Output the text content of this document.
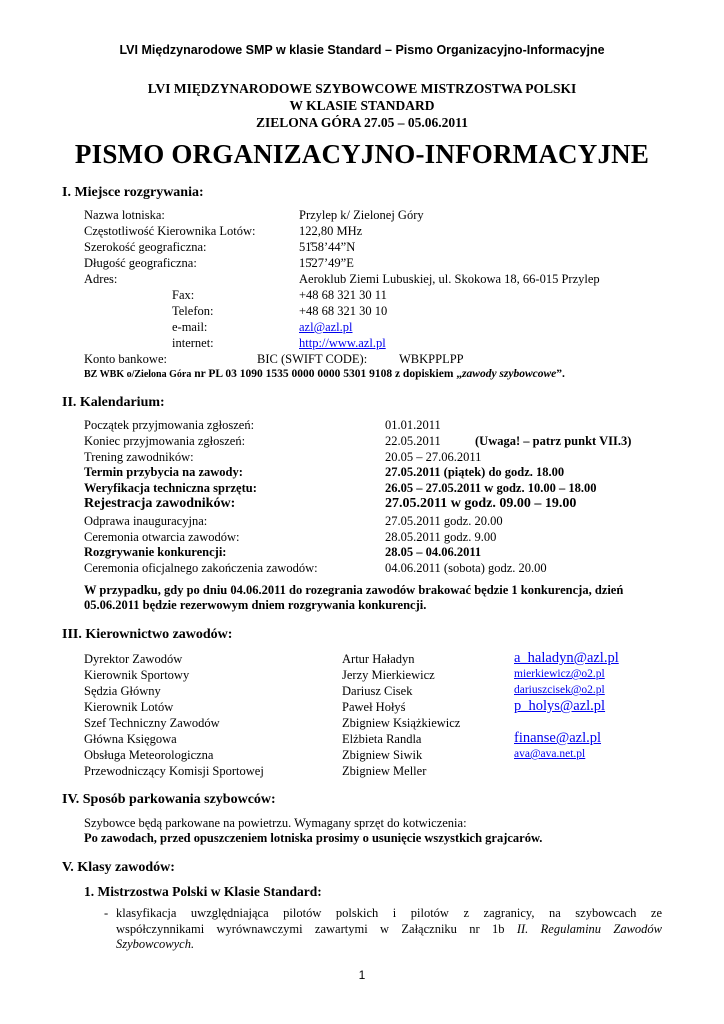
LVI Międzynarodowe SMP w klasie Standard – Pismo Organizacyjno-Informacyjne
LVI MIĘDZYNARODOWE SZYBOWCOWE MISTRZOSTWA POLSKI
W KLASIE STANDARD
ZIELONA GÓRA 27.05 – 05.06.2011
PISMO ORGANIZACYJNO-INFORMACYJNE
I. Miejsce rozgrywania:
Nazwa lotniska:	Przylep k/ Zielonej Góry
Częstotliwość Kierownika Lotów:	122,80 MHz
Szerokość geograficzna:	51̊58’44”N
Długość geograficzna:	15̊27’49”E
Adres:	Aeroklub Ziemi Lubuskiej, ul. Skokowa 18, 66-015 Przylep
Fax:	+48 68 321 30 11
Telefon:	+48 68 321 30 10
e-mail:	azl@azl.pl
internet:	http://www.azl.pl
Konto bankowe:	BIC (SWIFT CODE):	WBKPPLPP
BZ WBK o/Zielona Góra nr PL 03 1090 1535 0000 0000 5301 9108 z dopiskiem „zawody szybowcowe”.
II. Kalendarium:
Początek przyjmowania zgłoszeń:	01.01.2011
Koniec przyjmowania zgłoszeń:	22.05.2011	(Uwaga! – patrz punkt VII.3)
Trening zawodników:	20.05 – 27.06.2011
Termin przybycia na zawody:	27.05.2011 (piątek) do godz. 18.00
Weryfikacja techniczna sprzętu:	26.05 – 27.05.2011 w godz. 10.00 – 18.00
Rejestracja zawodników:	27.05.2011 w godz. 09.00 – 19.00
Odprawa inauguracyjna:	27.05.2011 godz. 20.00
Ceremonia otwarcia zawodów:	28.05.2011 godz. 9.00
Rozgrywanie konkurencji:	28.05 – 04.06.2011
Ceremonia oficjalnego zakończenia zawodów:	04.06.2011 (sobota) godz. 20.00
W przypadku, gdy po dniu 04.06.2011 do rozegrania zawodów brakować będzie 1 konkurencja, dzień
05.06.2011 będzie rezerwowym dniem rozgrywania konkurencji.
III. Kierownictwo zawodów:
Dyrektor Zawodów	Artur Haładyn	a_haladyn@azl.pl
Kierownik Sportowy	Jerzy Mierkiewicz	mierkiewicz@o2.pl
Sędzia Główny	Dariusz Cisek	dariuszcisek@o2.pl
Kierownik Lotów	Paweł Hołyś	p_holys@azl.pl
Szef Techniczny Zawodów	Zbigniew Książkiewicz
Główna Księgowa	Elżbieta Randla	finanse@azl.pl
Obsługa Meteorologiczna	Zbigniew Siwik	ava@ava.net.pl
Przewodniczący Komisji Sportowej	Zbigniew Meller
IV. Sposób parkowania szybowców:
Szybowce będą parkowane na powietrzu. Wymagany sprzęt do kotwiczenia:
Po zawodach, przed opuszczeniem lotniska prosimy o usunięcie wszystkich grajcarów.
V. Klasy zawodów:
1. Mistrzostwa Polski w Klasie Standard:
- klasyfikacja uwzględniająca pilotów polskich i pilotów z zagranicy, na szybowcach ze
współczynnikami wyrównawczymi zawartymi w Załączniku nr 1b II. Regulaminu Zawodów
Szybowcowych.
1
